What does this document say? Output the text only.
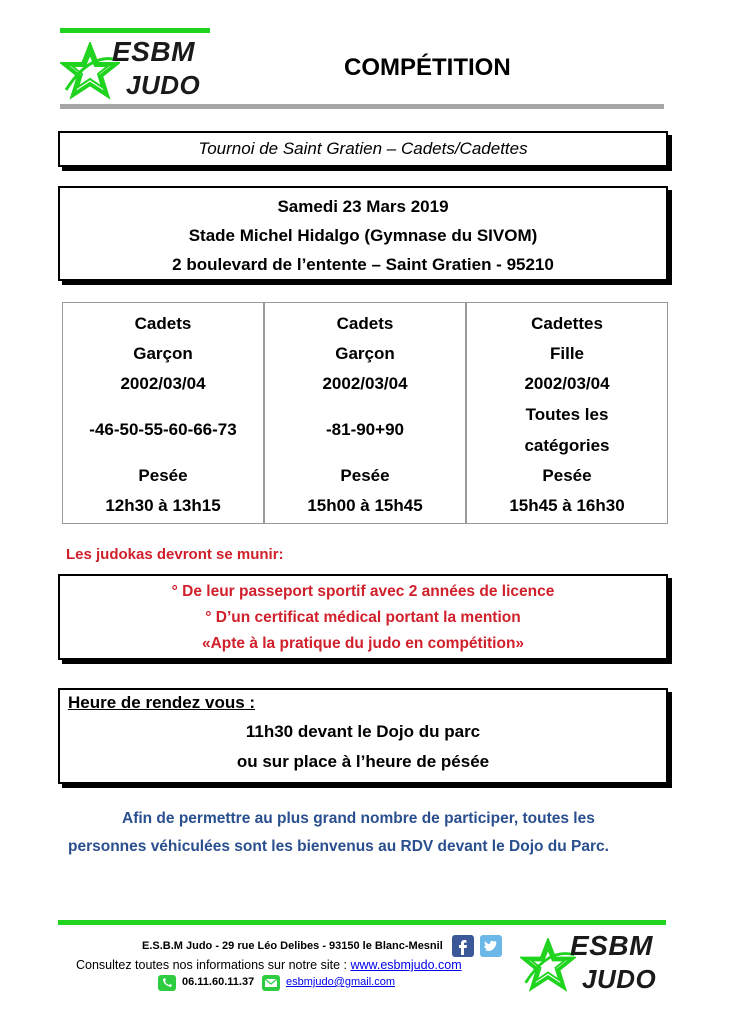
ESBM
JUDO
COMPÉTITION
Tournoi de Saint Gratien – Cadets/Cadettes
Samedi 23 Mars 2019
Stade Michel Hidalgo (Gymnase du SIVOM)
2 boulevard de l’entente – Saint Gratien - 95210
Cadets
Garçon
2002/03/04
-46-50-55-60-66-73
Pesée
12h30 à 13h15
Cadets
Garçon
2002/03/04
-81-90+90
Pesée
15h00 à 15h45
Cadettes
Fille
2002/03/04
Toutes les
catégories
Pesée
15h45 à 16h30
Les judokas devront se munir:
° De leur passeport sportif avec 2 années de licence
° D’un certificat médical portant la mention
«Apte à la pratique du judo en compétition»
Heure de rendez vous :
11h30 devant le Dojo du parc
ou sur place à l’heure de pésée
Afin de permettre au plus grand nombre de participer, toutes les
personnes véhiculées sont les bienvenus au RDV devant le Dojo du Parc.
E.S.B.M Judo - 29 rue Léo Delibes - 93150 le Blanc-Mesnil
Consultez toutes nos informations sur notre site : www.esbmjudo.com
06.11.60.11.37	esbmjudo@gmail.com
ESBM
JUDO
